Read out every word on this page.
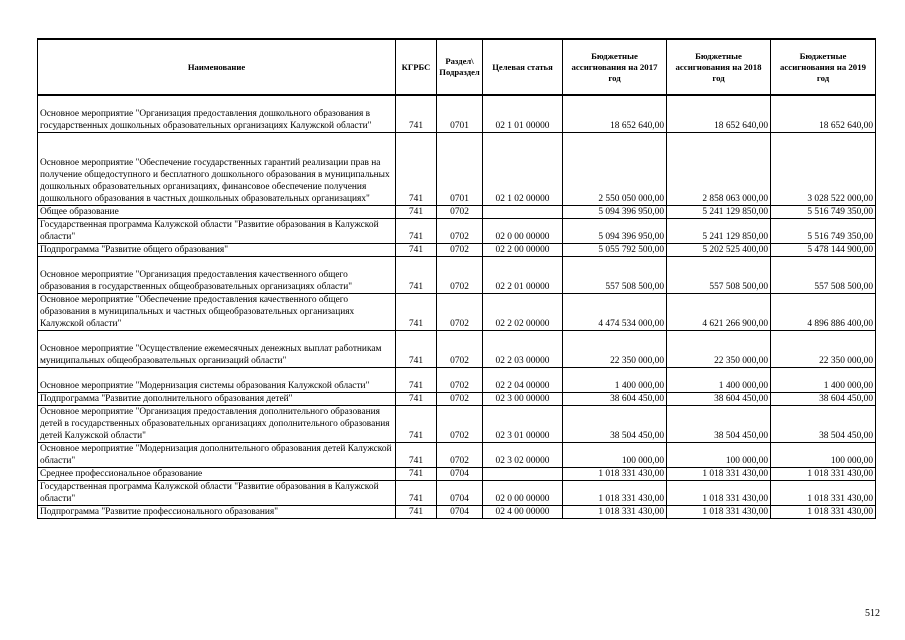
Наименование	КГРБС	Раздел\ Подраздел	Целевая статья	Бюджетные ассигнования на 2017 год	Бюджетные ассигнования на 2018 год	Бюджетные ассигнования на 2019 год
Основное мероприятие "Организация предоставления дошкольного образования в государственных дошкольных образовательных организациях Калужской области"	741	0701	02 1 01 00000	18 652 640,00	18 652 640,00	18 652 640,00
Основное мероприятие "Обеспечение государственных гарантий реализации прав на получение общедоступного и бесплатного дошкольного образования в муниципальных дошкольных образовательных организациях, финансовое обеспечение получения дошкольного образования в частных дошкольных образовательных организациях"	741	0701	02 1 02 00000	2 550 050 000,00	2 858 063 000,00	3 028 522 000,00
Общее образование	741	0702		5 094 396 950,00	5 241 129 850,00	5 516 749 350,00
Государственная программа Калужской области "Развитие образования в Калужской области"	741	0702	02 0 00 00000	5 094 396 950,00	5 241 129 850,00	5 516 749 350,00
Подпрограмма "Развитие общего образования"	741	0702	02 2 00 00000	5 055 792 500,00	5 202 525 400,00	5 478 144 900,00
Основное мероприятие "Организация предоставления качественного общего образования в государственных общеобразовательных организациях области"	741	0702	02 2 01 00000	557 508 500,00	557 508 500,00	557 508 500,00
Основное мероприятие "Обеспечение предоставления качественного общего образования в муниципальных и частных общеобразовательных организациях Калужской области"	741	0702	02 2 02 00000	4 474 534 000,00	4 621 266 900,00	4 896 886 400,00
Основное мероприятие "Осуществление ежемесячных денежных выплат работникам муниципальных общеобразовательных организаций области"	741	0702	02 2 03 00000	22 350 000,00	22 350 000,00	22 350 000,00
Основное мероприятие "Модернизация системы образования Калужской области"	741	0702	02 2 04 00000	1 400 000,00	1 400 000,00	1 400 000,00
Подпрограмма "Развитие дополнительного образования детей"	741	0702	02 3 00 00000	38 604 450,00	38 604 450,00	38 604 450,00
Основное мероприятие "Организация предоставления дополнительного образования детей в государственных образовательных организациях дополнительного образования детей Калужской области"	741	0702	02 3 01 00000	38 504 450,00	38 504 450,00	38 504 450,00
Основное мероприятие "Модернизация дополнительного образования детей Калужской области"	741	0702	02 3 02 00000	100 000,00	100 000,00	100 000,00
Среднее профессиональное образование	741	0704		1 018 331 430,00	1 018 331 430,00	1 018 331 430,00
Государственная программа Калужской области "Развитие образования в Калужской области"	741	0704	02 0 00 00000	1 018 331 430,00	1 018 331 430,00	1 018 331 430,00
Подпрограмма "Развитие профессионального образования"	741	0704	02 4 00 00000	1 018 331 430,00	1 018 331 430,00	1 018 331 430,00
512
